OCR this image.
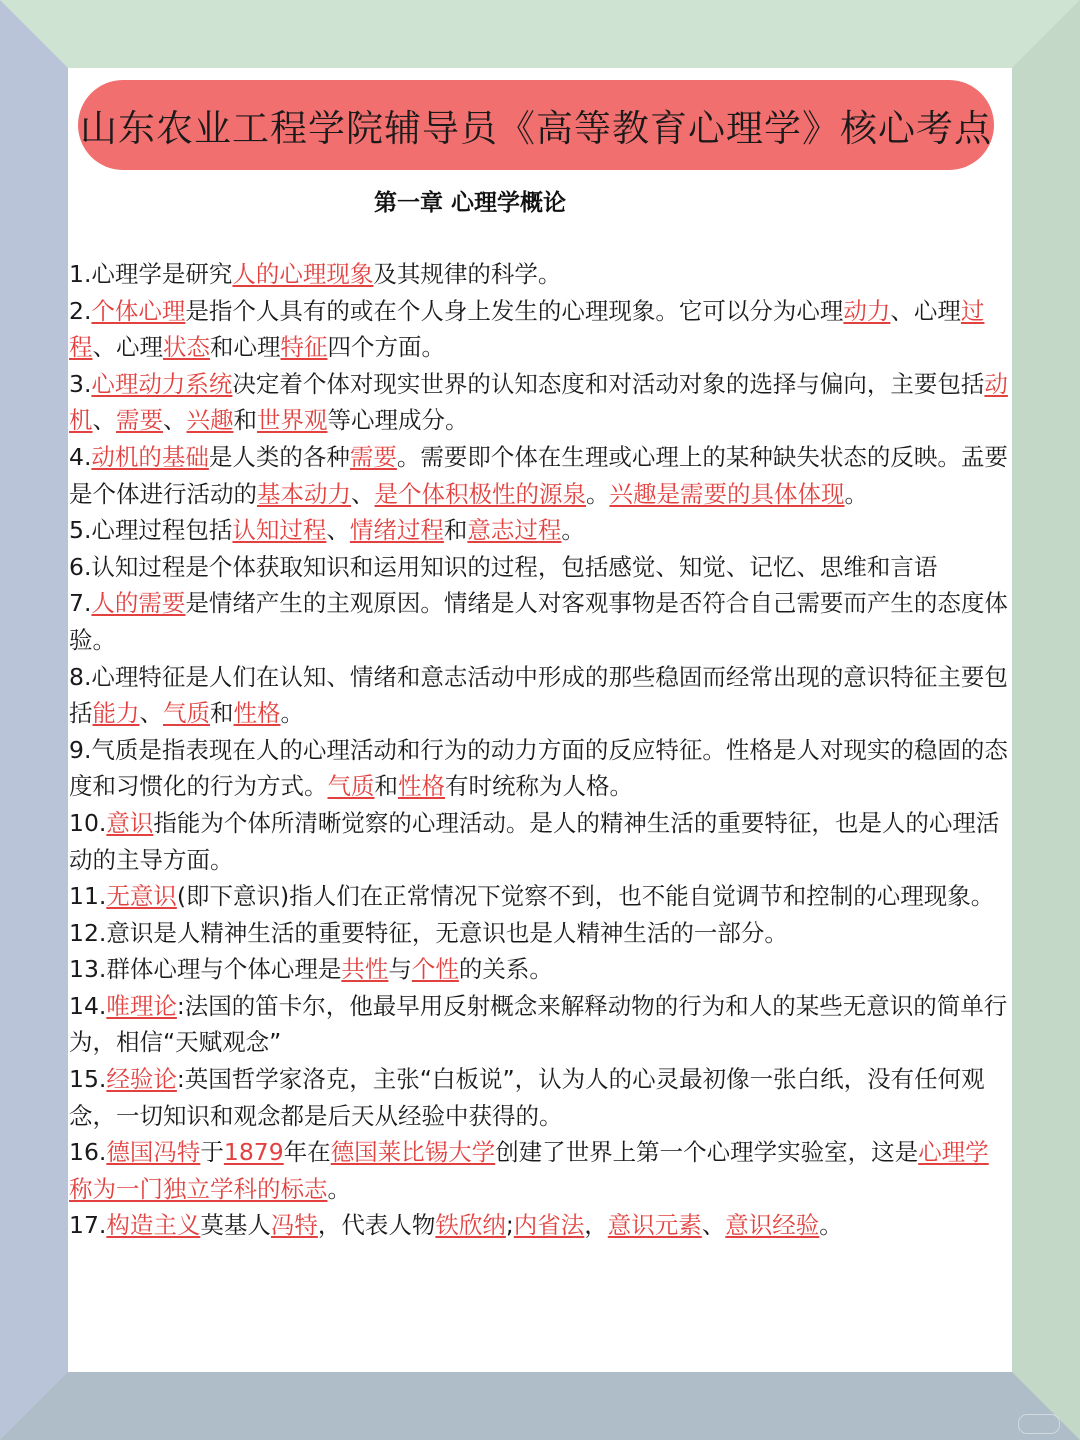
山东农业工程学院辅导员《高等教育心理学》核心考点
第一章 心理学概论

1.心理学是研究人的心理现象及其规律的科学。

2.个体心理是指个人具有的或在个人身上发生的心理现象。它可以分为心理动力、心理过程、心理状态和心理特征四个方面。

3.心理动力系统决定着个体对现实世界的认知态度和对活动对象的选择与偏向，主要包括动机、需要、兴趣和世界观等心理成分。

4.动机的基础是人类的各种需要。需要即个体在生理或心理上的某种缺失状态的反映。盂要是个体进行活动的基本动力、是个体积极性的源泉。兴趣是需要的具体体现。

5.心理过程包括认知过程、情绪过程和意志过程。

6.认知过程是个体获取知识和运用知识的过程，包括感觉、知觉、记忆、思维和言语

7.人的需要是情绪产生的主观原因。情绪是人对客观事物是否符合自己需要而产生的态度体验。

8.心理特征是人们在认知、情绪和意志活动中形成的那些稳固而经常出现的意识特征主要包括能力、气质和性格。

9.气质是指表现在人的心理活动和行为的动力方面的反应特征。性格是人对现实的稳固的态度和习惯化的行为方式。气质和性格有时统称为人格。

10.意识指能为个体所清晰觉察的心理活动。是人的精神生活的重要特征，也是人的心理活动的主导方面。

11.无意识(即下意识)指人们在正常情况下觉察不到，也不能自觉调节和控制的心理现象。

12.意识是人精神生活的重要特征，无意识也是人精神生活的一部分。

13.群体心理与个体心理是共性与个性的关系。

14.唯理论:法国的笛卡尔，他最早用反射概念来解释动物的行为和人的某些无意识的简单行为，相信“天赋观念”

15.经验论:英国哲学家洛克，主张“白板说”，认为人的心灵最初像一张白纸，没有任何观念，一切知识和观念都是后天从经验中获得的。

16.德国冯特于1879年在德国莱比锡大学创建了世界上第一个心理学实验室，这是心理学称为一门独立学科的标志。

17.构造主义莫基人冯特，代表人物铁欣纳;内省法，意识元素、意识经验。
